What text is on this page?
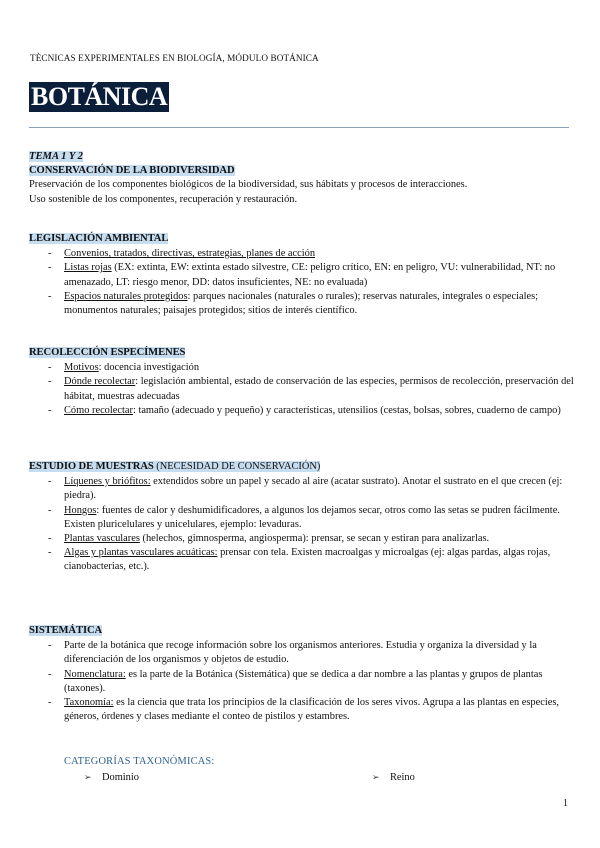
TÈCNICAS EXPERIMENTALES EN BIOLOGÍA, MÓDULO BOTÁNICA
BOTÁNICA
TEMA 1 Y 2
CONSERVACIÓN DE LA BIODIVERSIDAD

Preservación de los componentes biológicos de la biodiversidad, sus hábitats y procesos de interacciones.

Uso sostenible de los componentes, recuperación y restauración.

LEGISLACIÓN AMBIENTAL
- Convenios, tratados, directivas, estrategias, planes de acción
- Listas rojas (EX: extinta, EW: extinta estado silvestre, CE: peligro crítico, EN: en peligro, VU: vulnerabilidad, NT: no amenazado, LT: riesgo menor, DD: datos insuficientes, NE: no evaluada)
- Espacios naturales protegidos: parques nacionales (naturales o rurales); reservas naturales, integrales o especiales; monumentos naturales; paisajes protegidos; sitios de interés científico.
RECOLECCIÓN ESPECÍMENES
- Motivos: docencia investigación
- Dónde recolectar: legislación ambiental, estado de conservación de las especies, permisos de recolección, preservación del hábitat, muestras adecuadas
- Cómo recolectar: tamaño (adecuado y pequeño) y características, utensilios (cestas, bolsas, sobres, cuaderno de campo)
ESTUDIO DE MUESTRAS (NECESIDAD DE CONSERVACIÓN)
- Líquenes y briófitos: extendidos sobre un papel y secado al aire (acatar sustrato). Anotar el sustrato en el que crecen (ej: piedra).
- Hongos: fuentes de calor y deshumidificadores, a algunos los dejamos secar, otros como las setas se pudren fácilmente. Existen pluricelulares y unicelulares, ejemplo: levaduras.
- Plantas vasculares (helechos, gimnosperma, angiosperma): prensar, se secan y estiran para analizarlas.
- Algas y plantas vasculares acuáticas: prensar con tela. Existen macroalgas y microalgas (ej: algas pardas, algas rojas, cianobacterias, etc.).
SISTEMÁTICA
- Parte de la botánica que recoge información sobre los organismos anteriores. Estudia y organiza la diversidad y la diferenciación de los organismos y objetos de estudio.
- Nomenclatura: es la parte de la Botánica (Sistemática) que se dedica a dar nombre a las plantas y grupos de plantas (taxones).
- Taxonomía: es la ciencia que trata los principios de la clasificación de los seres vivos. Agrupa a las plantas en especies, géneros, órdenes y clases mediante el conteo de pistilos y estambres.
CATEGORÍAS TAXONÓMICAS:
➢ Dominio	➢ Reino
1
